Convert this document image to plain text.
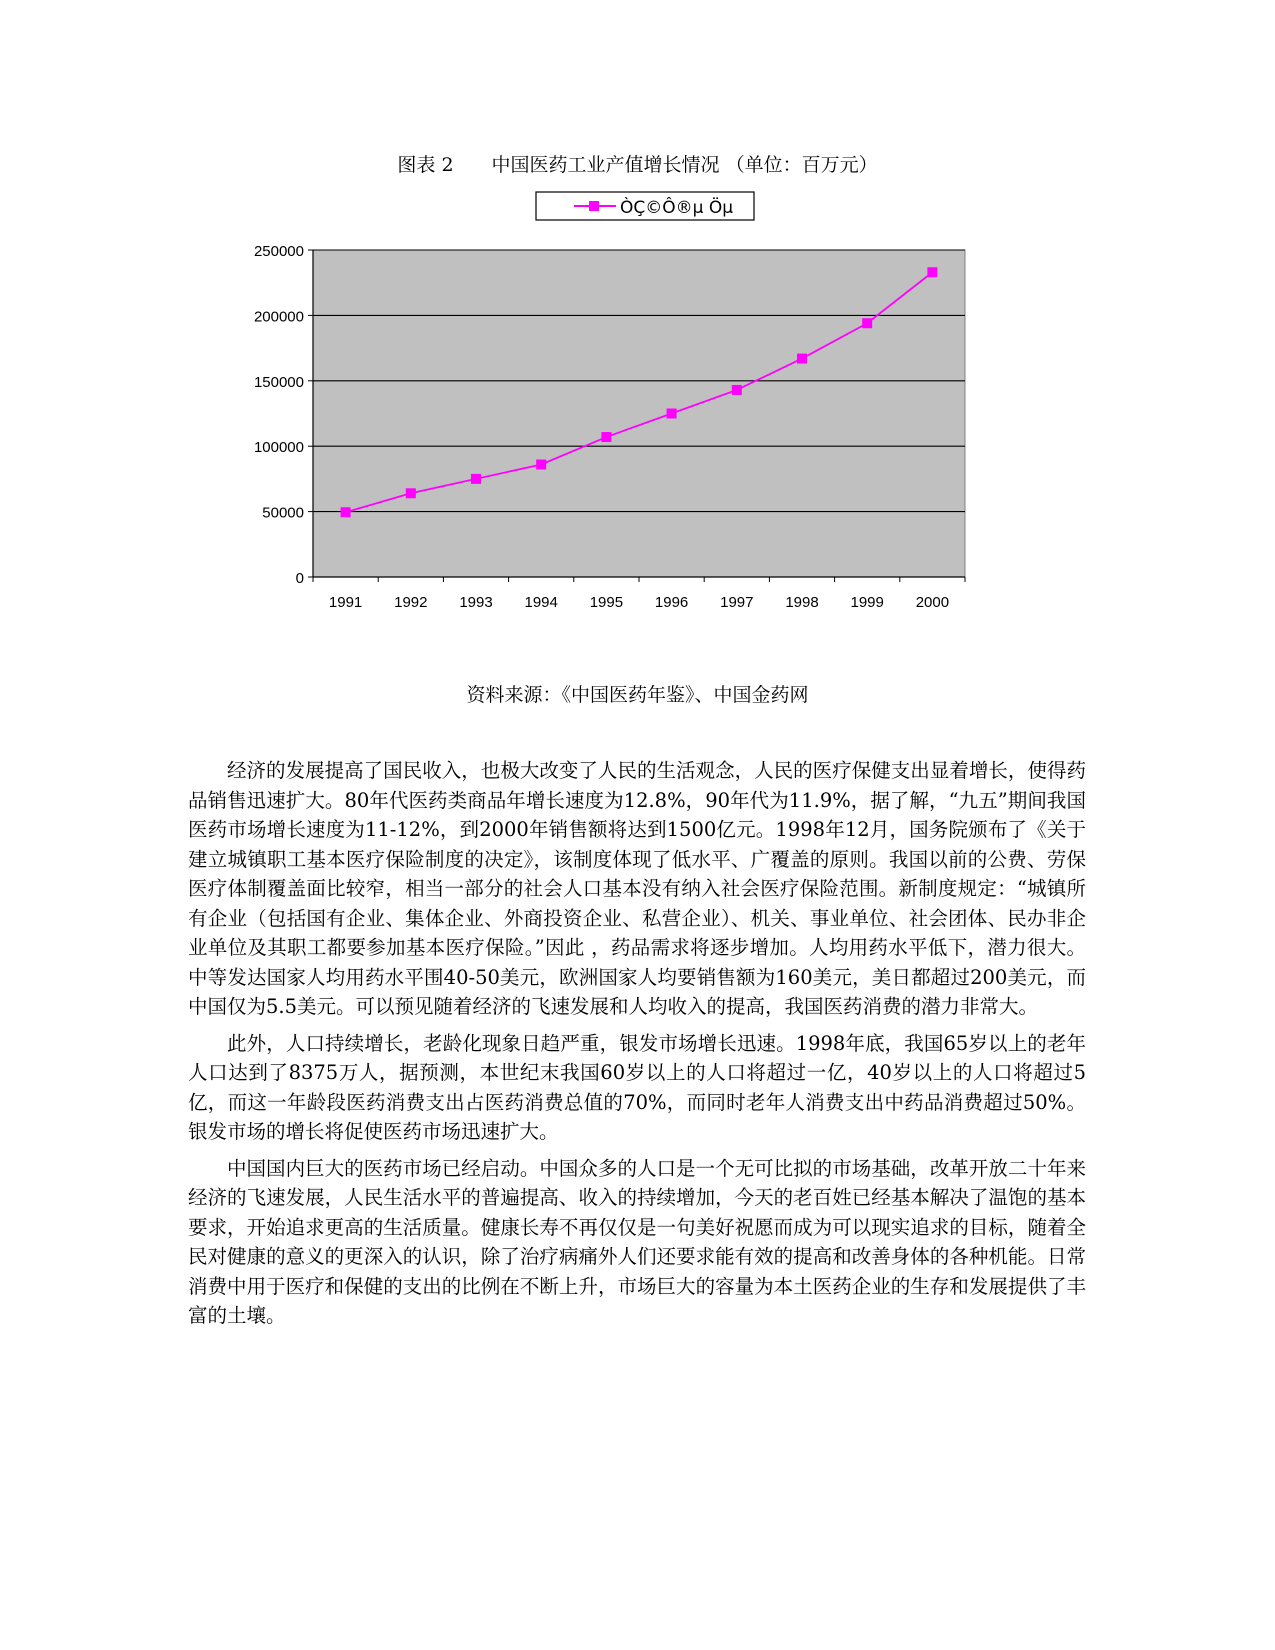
图表 2　　中国医药工业产值增长情况 （单位：百万元）
ÒÇ©Ô®µ Öµ
0
50000
100000
150000
200000
250000
1991 1992 1993 1994 1995 1996 1997 1998 1999 2000
资料来源：《中国医药年鉴》、中国金药网

经济的发展提高了国民收入，也极大改变了人民的生活观念，人民的医疗保健支出显着增长，使得药品销售迅速扩大。80年代医药类商品年增长速度为12.8%，90年代为11.9%，据了解，“九五”期间我国医药市场增长速度为11-12%，到2000年销售额将达到1500亿元。1998年12月，国务院颁布了《关于建立城镇职工基本医疗保险制度的决定》，该制度体现了低水平、广覆盖的原则。我国以前的公费、劳保医疗体制覆盖面比较窄，相当一部分的社会人口基本没有纳入社会医疗保险范围。新制度规定：“城镇所有企业（包括国有企业、集体企业、外商投资企业、私营企业）、机关、事业单位、社会团体、民办非企业单位及其职工都要参加基本医疗保险。”因此 ，药品需求将逐步增加。人均用药水平低下，潜力很大。中等发达国家人均用药水平围40-50美元，欧洲国家人均要销售额为160美元，美日都超过200美元，而中国仅为5.5美元。可以预见随着经济的飞速发展和人均收入的提高，我国医药消费的潜力非常大。

此外，人口持续增长，老龄化现象日趋严重，银发市场增长迅速。1998年底，我国65岁以上的老年人口达到了8375万人，据预测，本世纪末我国60岁以上的人口将超过一亿，40岁以上的人口将超过5亿，而这一年龄段医药消费支出占医药消费总值的70%，而同时老年人消费支出中药品消费超过50%。银发市场的增长将促使医药市场迅速扩大。

中国国内巨大的医药市场已经启动。中国众多的人口是一个无可比拟的市场基础，改革开放二十年来经济的飞速发展，人民生活水平的普遍提高、收入的持续增加，今天的老百姓已经基本解决了温饱的基本要求，开始追求更高的生活质量。健康长寿不再仅仅是一句美好祝愿而成为可以现实追求的目标，随着全民对健康的意义的更深入的认识，除了治疗病痛外人们还要求能有效的提高和改善身体的各种机能。日常消费中用于医疗和保健的支出的比例在不断上升，市场巨大的容量为本土医药企业的生存和发展提供了丰富的土壤。
